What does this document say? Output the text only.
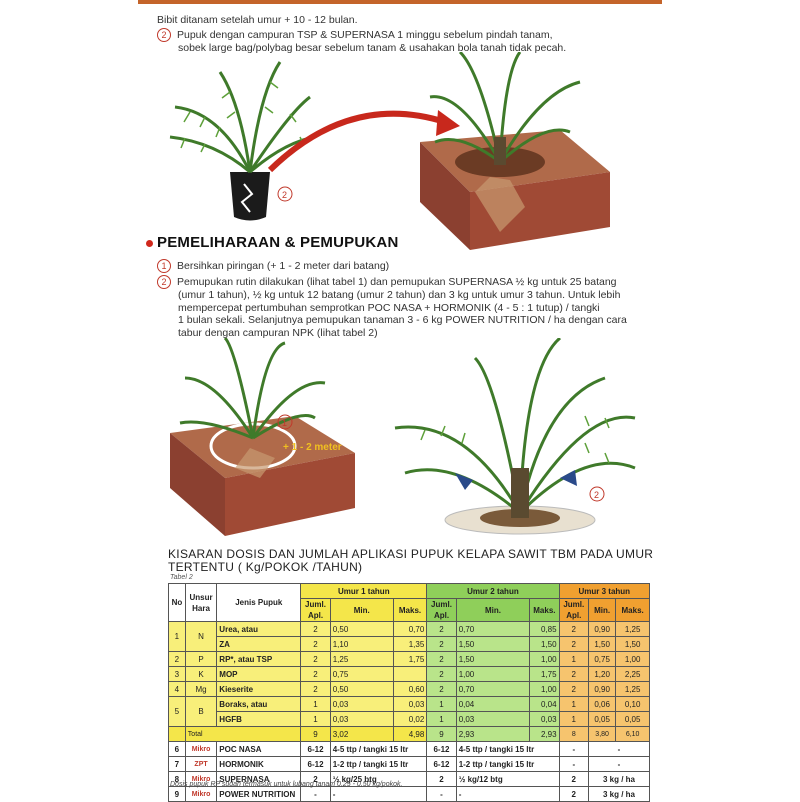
Bibit ditanam setelah umur + 10 - 12 bulan.
2 Pupuk dengan campuran TSP & SUPERNASA 1 minggu sebelum pindah tanam,
sobek large bag/polybag besar sebelum tanam & usahakan bola tanah tidak pecah.
2
PEMELIHARAAN & PEMUPUKAN
1 Bersihkan piringan (+ 1 - 2 meter dari batang)
2 Pemupukan rutin dilakukan (lihat tabel 1) dan pemupukan SUPERNASA ½ kg untuk 25 batang
(umur 1 tahun), ½ kg untuk 12 batang (umur 2 tahun) dan 3 kg untuk umur 3 tahun. Untuk lebih
mempercepat pertumbuhan semprotkan POC NASA + HORMONIK (4 - 5 : 1 tutup) / tangki
1 bulan sekali. Selanjutnya pemupukan tanaman 3 - 6 kg POWER NUTRITION / ha dengan cara
tabur dengan campuran NPK (lihat tabel 2)
1
+ 1 - 2 meter
2
KISARAN DOSIS DAN JUMLAH APLIKASI PUPUK KELAPA SAWIT TBM PADA UMUR
TERTENTU ( Kg/POKOK /TAHUN)
Tabel 2
No	Unsur Hara	Jenis Pupuk	Umur 1 tahun			Umur 2 tahun			Umur 3 tahun		
			Juml. Apl.	Min.	Maks.	Juml. Apl.	Min.	Maks.	Juml. Apl.	Min.	Maks.
1	N	Urea, atau	2	0,50	0,70	2	0,70	0,85	2	0,90	1,25
		ZA	2	1,10	1,35	2	1,50	1,50	2	1,50	1,50
2	P	RP*, atau TSP	2	1,25	1,75	2	1,50	1,00	1	0,75	1,00
3	K	MOP	2	0,75		2	1,00	1,75	2	1,20	2,25
4	Mg	Kieserite	2	0,50	0,60	2	0,70	1,00	2	0,90	1,25
5	B	Boraks, atau	1	0,03	0,03	1	0,04	0,04	1	0,06	0,10
		HGFB	1	0,03	0,02	1	0,03	0,03	1	0,05	0,05
	Total		9	3,02	4,98	9	2,93	2,93	8	3,80	6,10
6	Mikro	POC NASA	6-12	4-5 ttp / tangki 15 ltr		6-12	4-5 ttp / tangki 15 ltr		-	-	
7	ZPT	HORMONIK	6-12	1-2 ttp / tangki 15 ltr		6-12	1-2 ttp / tangki 15 ltr		-	-	
8	Mikro	SUPERNASA	2	½ kg/25 btg		2	½ kg/12 btg		2	3 kg / ha	
9	Mikro	POWER NUTRITION	-	-		-	-		2	3 kg / ha	
Dosis pupuk RP sudah termasuk untuk lubang tanam 0,25 - 0,50 kg/pokok.
